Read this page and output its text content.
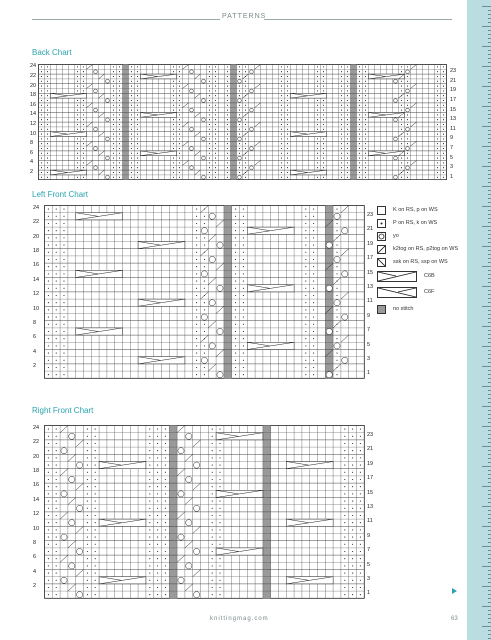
PATTERNS
Back Chart
24
23
22
21
20
19
18
17
16
15
14
13
12
11
10
9
8
7
6
5
4
3
2
1
Left Front Chart
24
23
22
21
20
19
18
17
16
15
14
13
12
11
10
9
8
7
6
5
4
3
2
1
K on RS, p on WS
P on RS, k on WS
yo
k2tog on RS, p2tog on WS
ssk on RS, ssp on WS
C6B
C6F
no stitch
Right Front Chart
24
23
22
21
20
19
18
17
16
15
14
13
12
11
10
9
8
7
6
5
4
3
2
1
knittingmag.com	63
